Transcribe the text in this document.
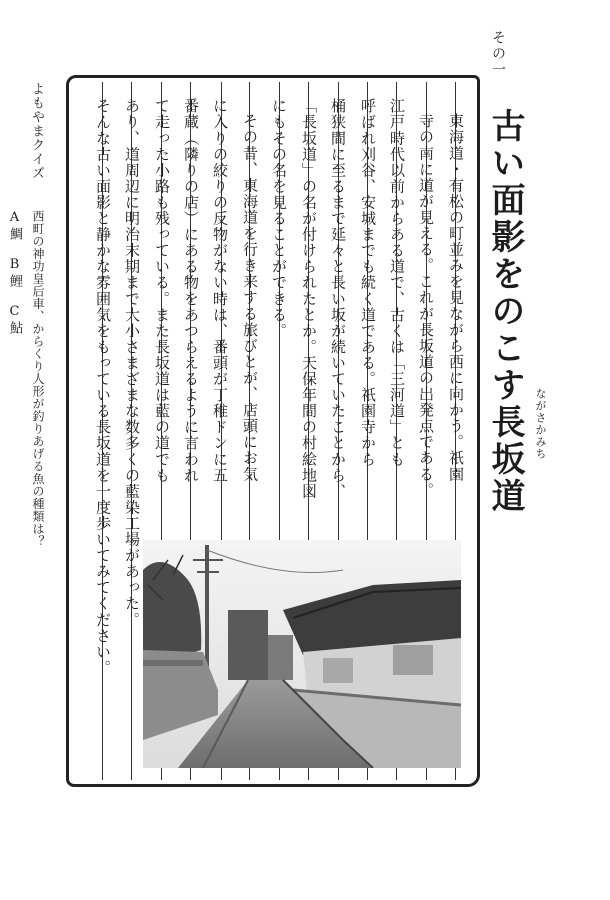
その一
古い面影をのこす長坂道 ながさかみち
東海道・有松の町並みを見ながら西に向かう。祇園
寺の南に道が見える。これが長坂道の出発点である。
江戸時代以前からある道で、古くは「三河道」とも
呼ばれ刈谷、安城までも続く道である。祇園寺から
桶狭間に至るまで延々と長い坂が続いていたことから、
「長坂道」の名が付けられたとか。天保年間の村絵地図
にもその名を見ることができる。
その昔、東海道を行き来する旅びとが、店頭にお気
に入りの絞りの反物がない時は、番頭が丁稚ドンに五
番蔵（隣りの店）にある物をあつらえるように言われ
て走った小路も残っている。また長坂道は藍の道でも
あり、道周辺に明治末期まで大小さまざまな数多くの藍染工場があった。
そんな古い面影と静かな雰囲気をもっている長坂道を一度歩いてみてください。
よもやまクイズ
西町の神功皇后車、からくり人形が釣りあげる魚の種類は？
A鯛　B鯉　C鮎
